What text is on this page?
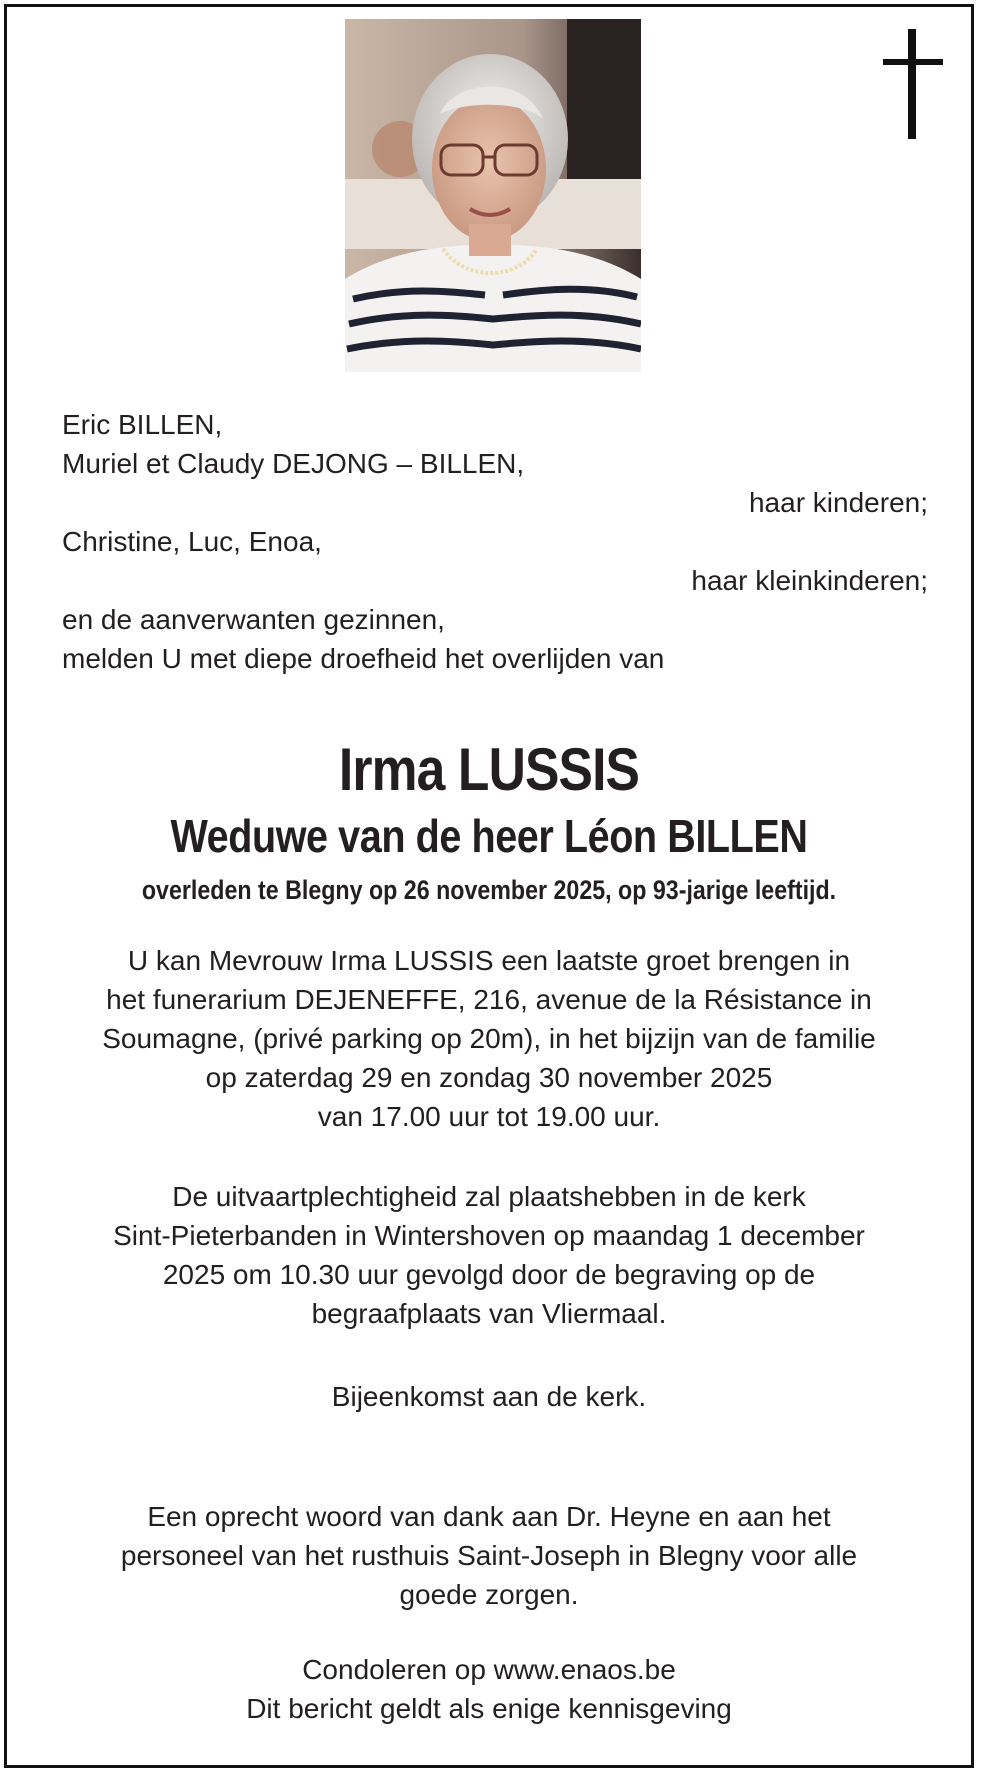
Eric BILLEN,
Muriel et Claudy DEJONG – BILLEN,
haar kinderen;
Christine, Luc, Enoa,
haar kleinkinderen;
en de aanverwanten gezinnen,
melden U met diepe droefheid het overlijden van
Irma LUSSIS
Weduwe van de heer Léon BILLEN
overleden te Blegny op 26 november 2025, op 93-jarige leeftijd.
U kan Mevrouw Irma LUSSIS een laatste groet brengen in
het funerarium DEJENEFFE, 216, avenue de la Résistance in
Soumagne, (privé parking op 20m), in het bijzijn van de familie
op zaterdag 29 en zondag 30 november 2025
van 17.00 uur tot 19.00 uur.
De uitvaartplechtigheid zal plaatshebben in de kerk
Sint-Pieterbanden in Wintershoven op maandag 1 december
2025 om 10.30 uur gevolgd door de begraving op de
begraafplaats van Vliermaal.
Bijeenkomst aan de kerk.
Een oprecht woord van dank aan Dr. Heyne en aan het
personeel van het rusthuis Saint-Joseph in Blegny voor alle
goede zorgen.
Condoleren op www.enaos.be
Dit bericht geldt als enige kennisgeving
